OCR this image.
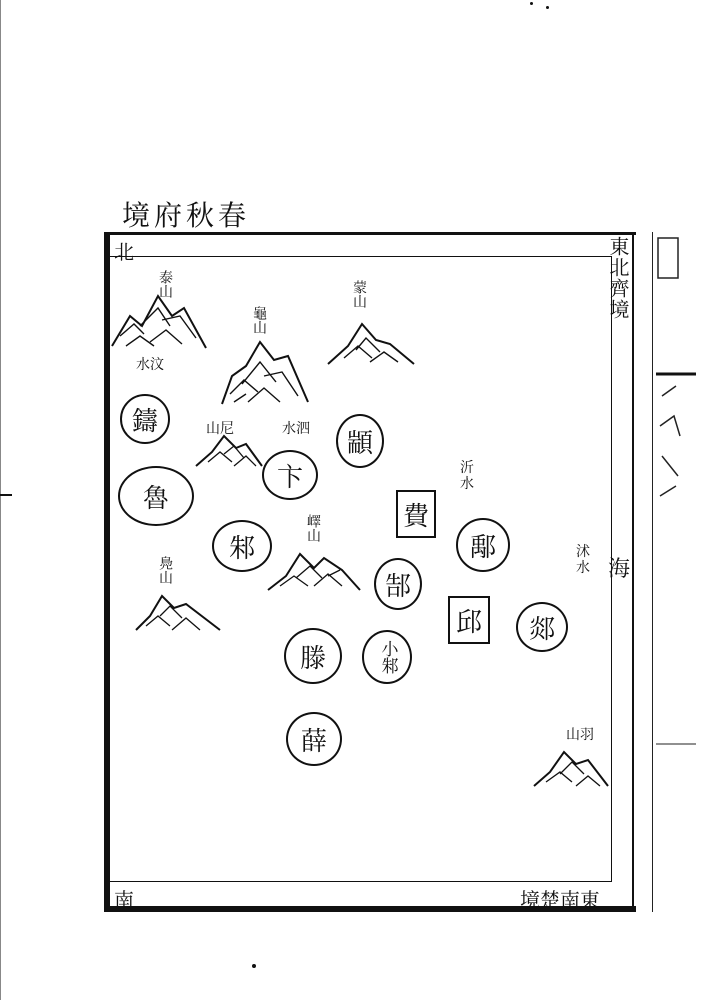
春秋府境
北
南
東北齊境
東南楚境
海
泰山
汶水
龜山
蒙山
尼山	泗水
鑄
魯
顓
卞
邾
費
鄅
郜
邱	郯
滕	小邾
薛
沂水
沭水
嶧山
鳧山
羽山
